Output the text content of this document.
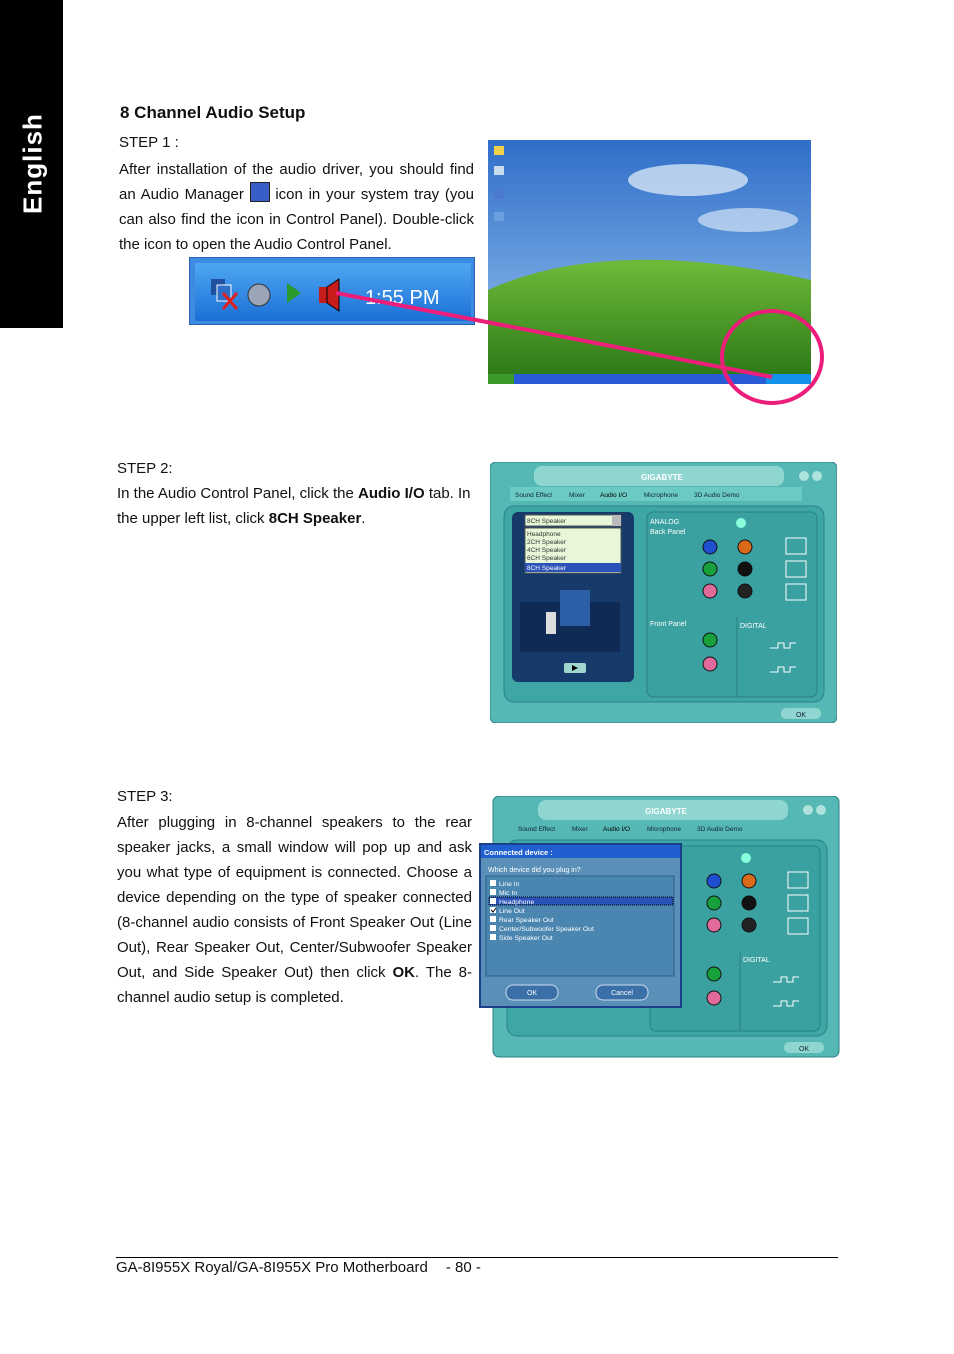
English
8 Channel Audio Setup
STEP 1 :
After installation of the audio driver, you should find an Audio Manager icon in your system tray (you can also find the icon in Control Panel). Double-click the icon to open the Audio Control Panel.
1:55 PM
STEP 2:
In the Audio Control Panel, click the Audio I/O tab. In the upper left list, click 8CH Speaker.
GIGABYTE
Sound Effect	Mixer Audio I/O	Microphone 3D Audio Demo
8CH Speaker
Headphone
2CH Speaker
4CH Speaker
6CH Speaker
8CH Speaker
ANALOG
Back Panel
Front Panel	DIGITAL
OK
STEP 3:
After plugging in 8-channel speakers to the rear speaker jacks, a small window will pop up and ask you what type of equipment is connected. Choose a device depending on the type of speaker connected (8-channel audio consists of Front Speaker Out (Line Out), Rear Speaker Out, Center/Subwoofer Speaker Out, and Side Speaker Out) then click OK. The 8-channel audio setup is completed.
GIGABYTE
Sound Effect	Mixer Audio I/O	Microphone 3D Audio Demo
DIGITAL
OK
Connected device :
Which device did you plug in?
Line In
Mic In
Headphone
Line Out
Rear Speaker Out
Center/Subwoofer Speaker Out
Side Speaker Out
OK	Cancel
GA-8I955X Royal/GA-8I955X Pro Motherboard - 80 -
